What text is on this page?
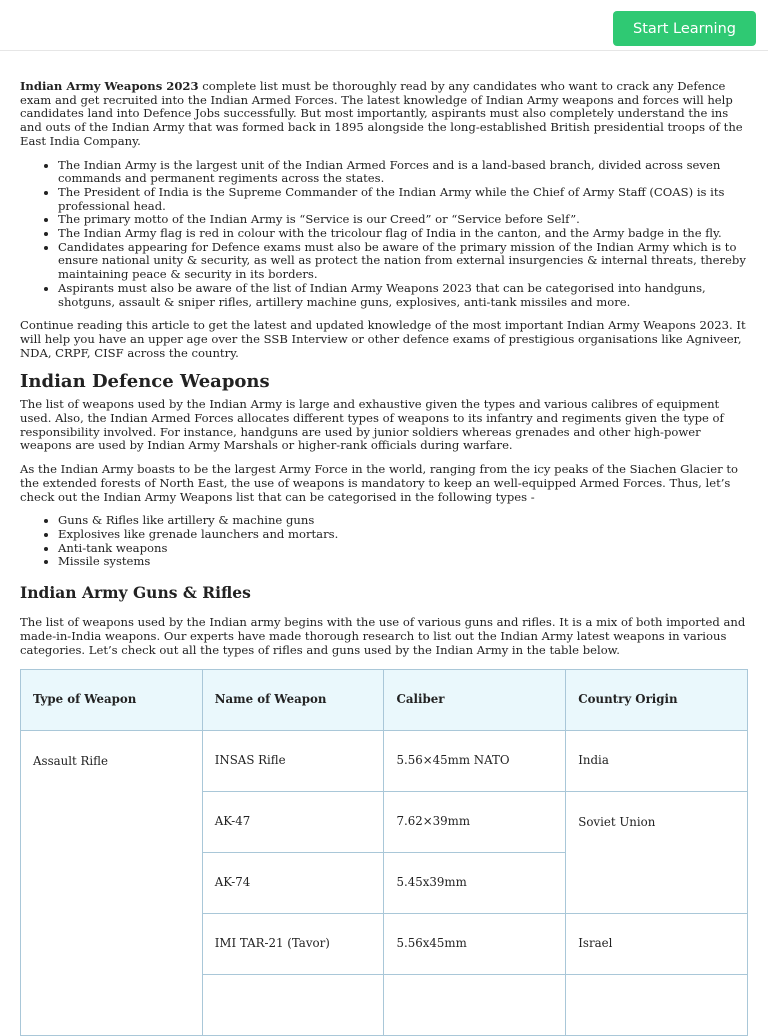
Start Learning

Indian Army Weapons 2023 complete list must be thoroughly read by any candidates who want to crack any Defence exam and get recruited into the Indian Armed Forces. The latest knowledge of Indian Army weapons and forces will help candidates land into Defence Jobs successfully. But most importantly, aspirants must also completely understand the ins and outs of the Indian Army that was formed back in 1895 alongside the long-established British presidential troops of the East India Company.

• The Indian Army is the largest unit of the Indian Armed Forces and is a land-based branch, divided across seven commands and permanent regiments across the states.
• The President of India is the Supreme Commander of the Indian Army while the Chief of Army Staff (COAS) is its professional head.
• The primary motto of the Indian Army is “Service is our Creed” or “Service before Self”.
• The Indian Army flag is red in colour with the tricolour flag of India in the canton, and the Army badge in the fly.
• Candidates appearing for Defence exams must also be aware of the primary mission of the Indian Army which is to ensure national unity & security, as well as protect the nation from external insurgencies & internal threats, thereby maintaining peace & security in its borders.
• Aspirants must also be aware of the list of Indian Army Weapons 2023 that can be categorised into handguns, shotguns, assault & sniper rifles, artillery machine guns, explosives, anti-tank missiles and more.

Continue reading this article to get the latest and updated knowledge of the most important Indian Army Weapons 2023. It will help you have an upper age over the SSB Interview or other defence exams of prestigious organisations like Agniveer, NDA, CRPF, CISF across the country.

Indian Defence Weapons

The list of weapons used by the Indian Army is large and exhaustive given the types and various calibres of equipment used. Also, the Indian Armed Forces allocates different types of weapons to its infantry and regiments given the type of responsibility involved. For instance, handguns are used by junior soldiers whereas grenades and other high-power weapons are used by Indian Army Marshals or higher-rank officials during warfare.

As the Indian Army boasts to be the largest Army Force in the world, ranging from the icy peaks of the Siachen Glacier to the extended forests of North East, the use of weapons is mandatory to keep an well-equipped Armed Forces. Thus, let’s check out the Indian Army Weapons list that can be categorised in the following types -

• Guns & Rifles like artillery & machine guns
• Explosives like grenade launchers and mortars.
• Anti-tank weapons
• Missile systems
Indian Army Guns & Rifles

The list of weapons used by the Indian army begins with the use of various guns and rifles. It is a mix of both imported and made-in-India weapons. Our experts have made thorough research to list out the Indian Army latest weapons in various categories. Let’s check out all the types of rifles and guns used by the Indian Army in the table below.

Type of Weapon	Name of Weapon	Caliber	Country Origin
Assault Rifle	INSAS Rifle	5.56×45mm NATO	India
	AK-47	7.62×39mm	Soviet Union
	AK-74	5.45x39mm	
	IMI TAR-21 (Tavor)	5.56x45mm	Israel
